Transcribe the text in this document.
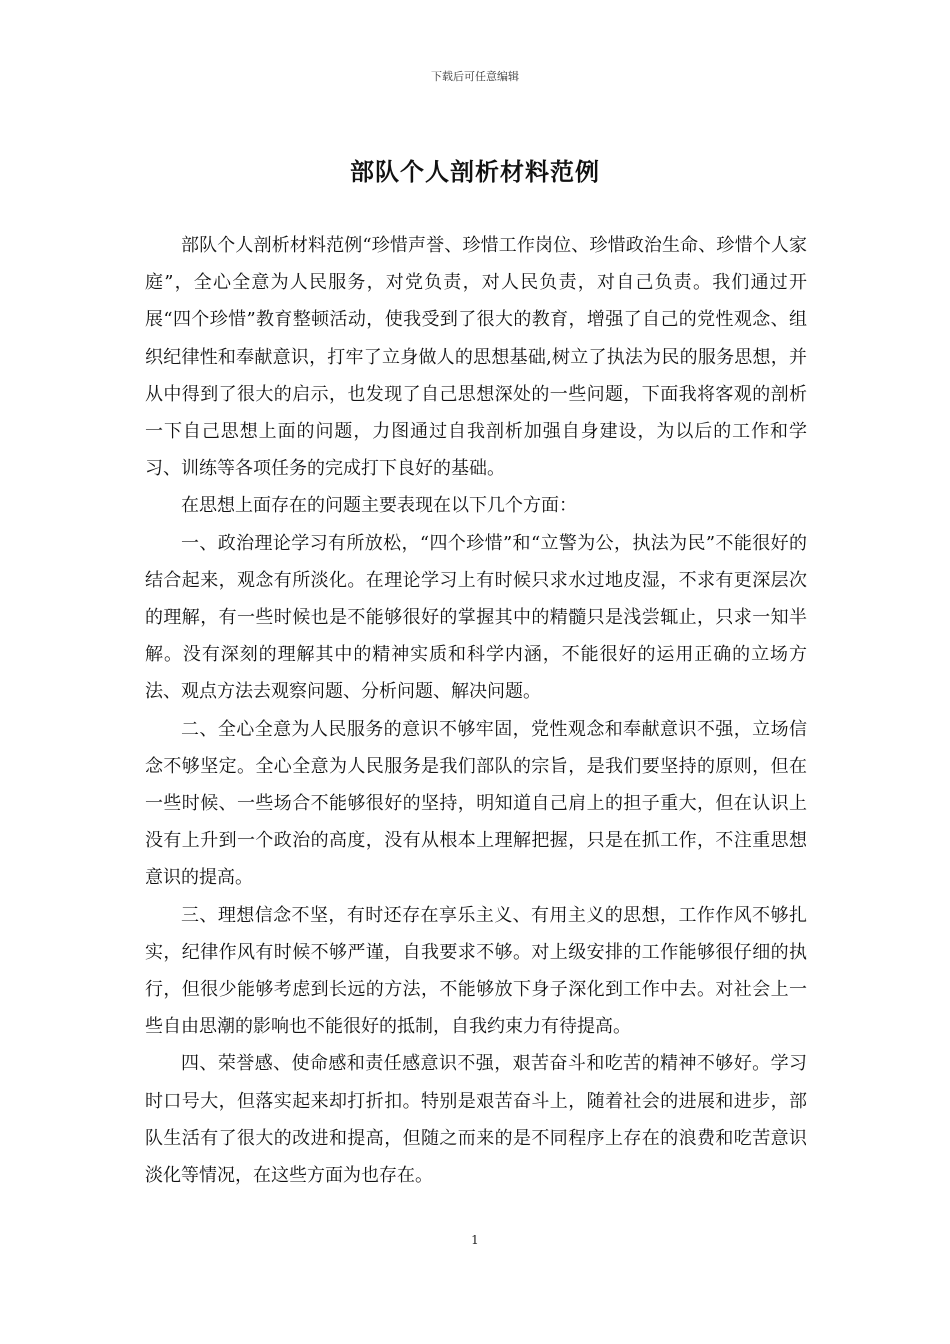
下载后可任意编辑
部队个人剖析材料范例

部队个人剖析材料范例“珍惜声誉、珍惜工作岗位、珍惜政治生命、珍惜个人家庭”，全心全意为人民服务，对党负责，对人民负责，对自己负责。我们通过开展“四个珍惜”教育整顿活动，使我受到了很大的教育，增强了自己的党性观念、组织纪律性和奉献意识，打牢了立身做人的思想基础,树立了执法为民的服务思想，并从中得到了很大的启示，也发现了自己思想深处的一些问题，下面我将客观的剖析一下自己思想上面的问题，力图通过自我剖析加强自身建设，为以后的工作和学习、训练等各项任务的完成打下良好的基础。

在思想上面存在的问题主要表现在以下几个方面：

一、政治理论学习有所放松，“四个珍惜”和“立警为公，执法为民”不能很好的结合起来，观念有所淡化。在理论学习上有时候只求水过地皮湿，不求有更深层次的理解，有一些时候也是不能够很好的掌握其中的精髓只是浅尝辄止，只求一知半解。没有深刻的理解其中的精神实质和科学内涵，不能很好的运用正确的立场方法、观点方法去观察问题、分析问题、解决问题。

二、全心全意为人民服务的意识不够牢固，党性观念和奉献意识不强，立场信念不够坚定。全心全意为人民服务是我们部队的宗旨，是我们要坚持的原则，但在一些时候、一些场合不能够很好的坚持，明知道自己肩上的担子重大，但在认识上没有上升到一个政治的高度，没有从根本上理解把握，只是在抓工作，不注重思想意识的提高。

三、理想信念不坚，有时还存在享乐主义、有用主义的思想，工作作风不够扎实，纪律作风有时候不够严谨，自我要求不够。对上级安排的工作能够很仔细的执行，但很少能够考虑到长远的方法，不能够放下身子深化到工作中去。对社会上一些自由思潮的影响也不能很好的抵制，自我约束力有待提高。

四、荣誉感、使命感和责任感意识不强，艰苦奋斗和吃苦的精神不够好。学习时口号大，但落实起来却打折扣。特别是艰苦奋斗上，随着社会的进展和进步，部队生活有了很大的改进和提高，但随之而来的是不同程序上存在的浪费和吃苦意识淡化等情况，在这些方面为也存在。

1
